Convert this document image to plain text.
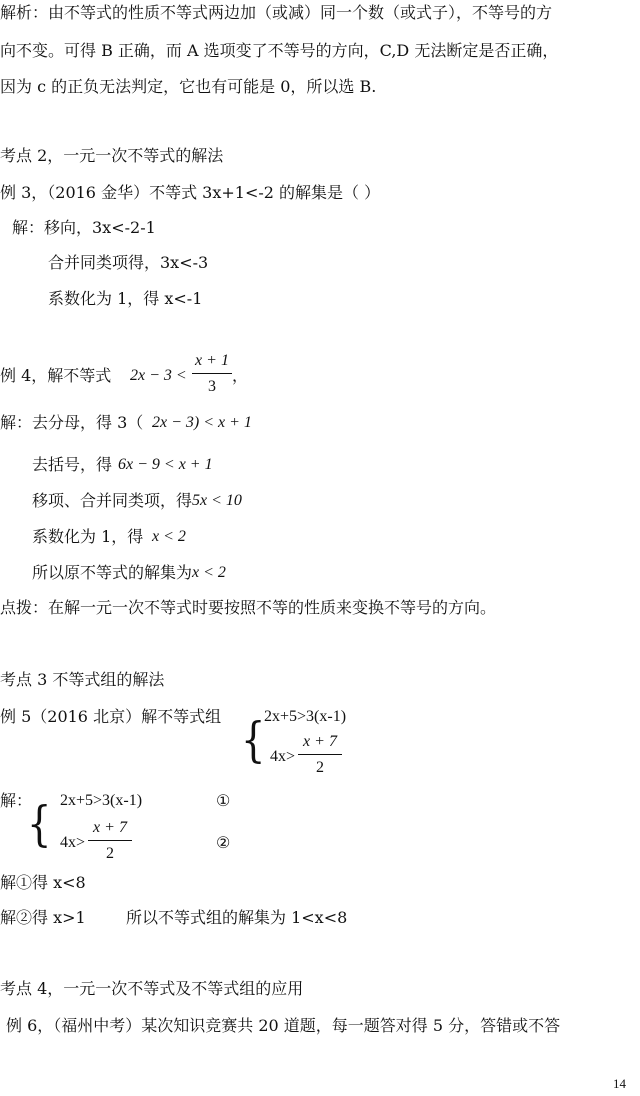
解析：由不等式的性质不等式两边加（或减）同一个数（或式子），不等号的方
向不变。可得 B 正确，而 A 选项变了不等号的方向，C,D 无法断定是否正确，
因为 c 的正负无法判定，它也有可能是 0，所以选 B.
考点 2，一元一次不等式的解法
例 3，（2016 金华）不等式 3x+1<-2 的解集是（ ）
解：移向，3x<-2-1
合并同类项得，3x<-3
系数化为 1，得 x<-1
例 4，解不等式 2x − 3 <
x + 1
3
，
解：去分母，得 3（ 2x − 3) < x + 1
去括号，得 6x − 9 < x + 1
移项、合并同类项，得 5x < 10
系数化为 1，得 x < 2
所以原不等式的解集为 x < 2
点拨：在解一元一次不等式时要按照不等的性质来变换不等号的方向。
考点 3 不等式组的解法
例 5（2016 北京）解不等式组	2x+5>3(x-1)
{ 4x>
x + 7
2
解： 2x+5>3(x-1)	①
{ 4x>
x + 7
2
②
解①得 x<8
解②得 x>1	所以不等式组的解集为 1<x<8
考点 4，一元一次不等式及不等式组的应用
例 6，（福州中考）某次知识竞赛共 20 道题，每一题答对得 5 分，答错或不答
14
